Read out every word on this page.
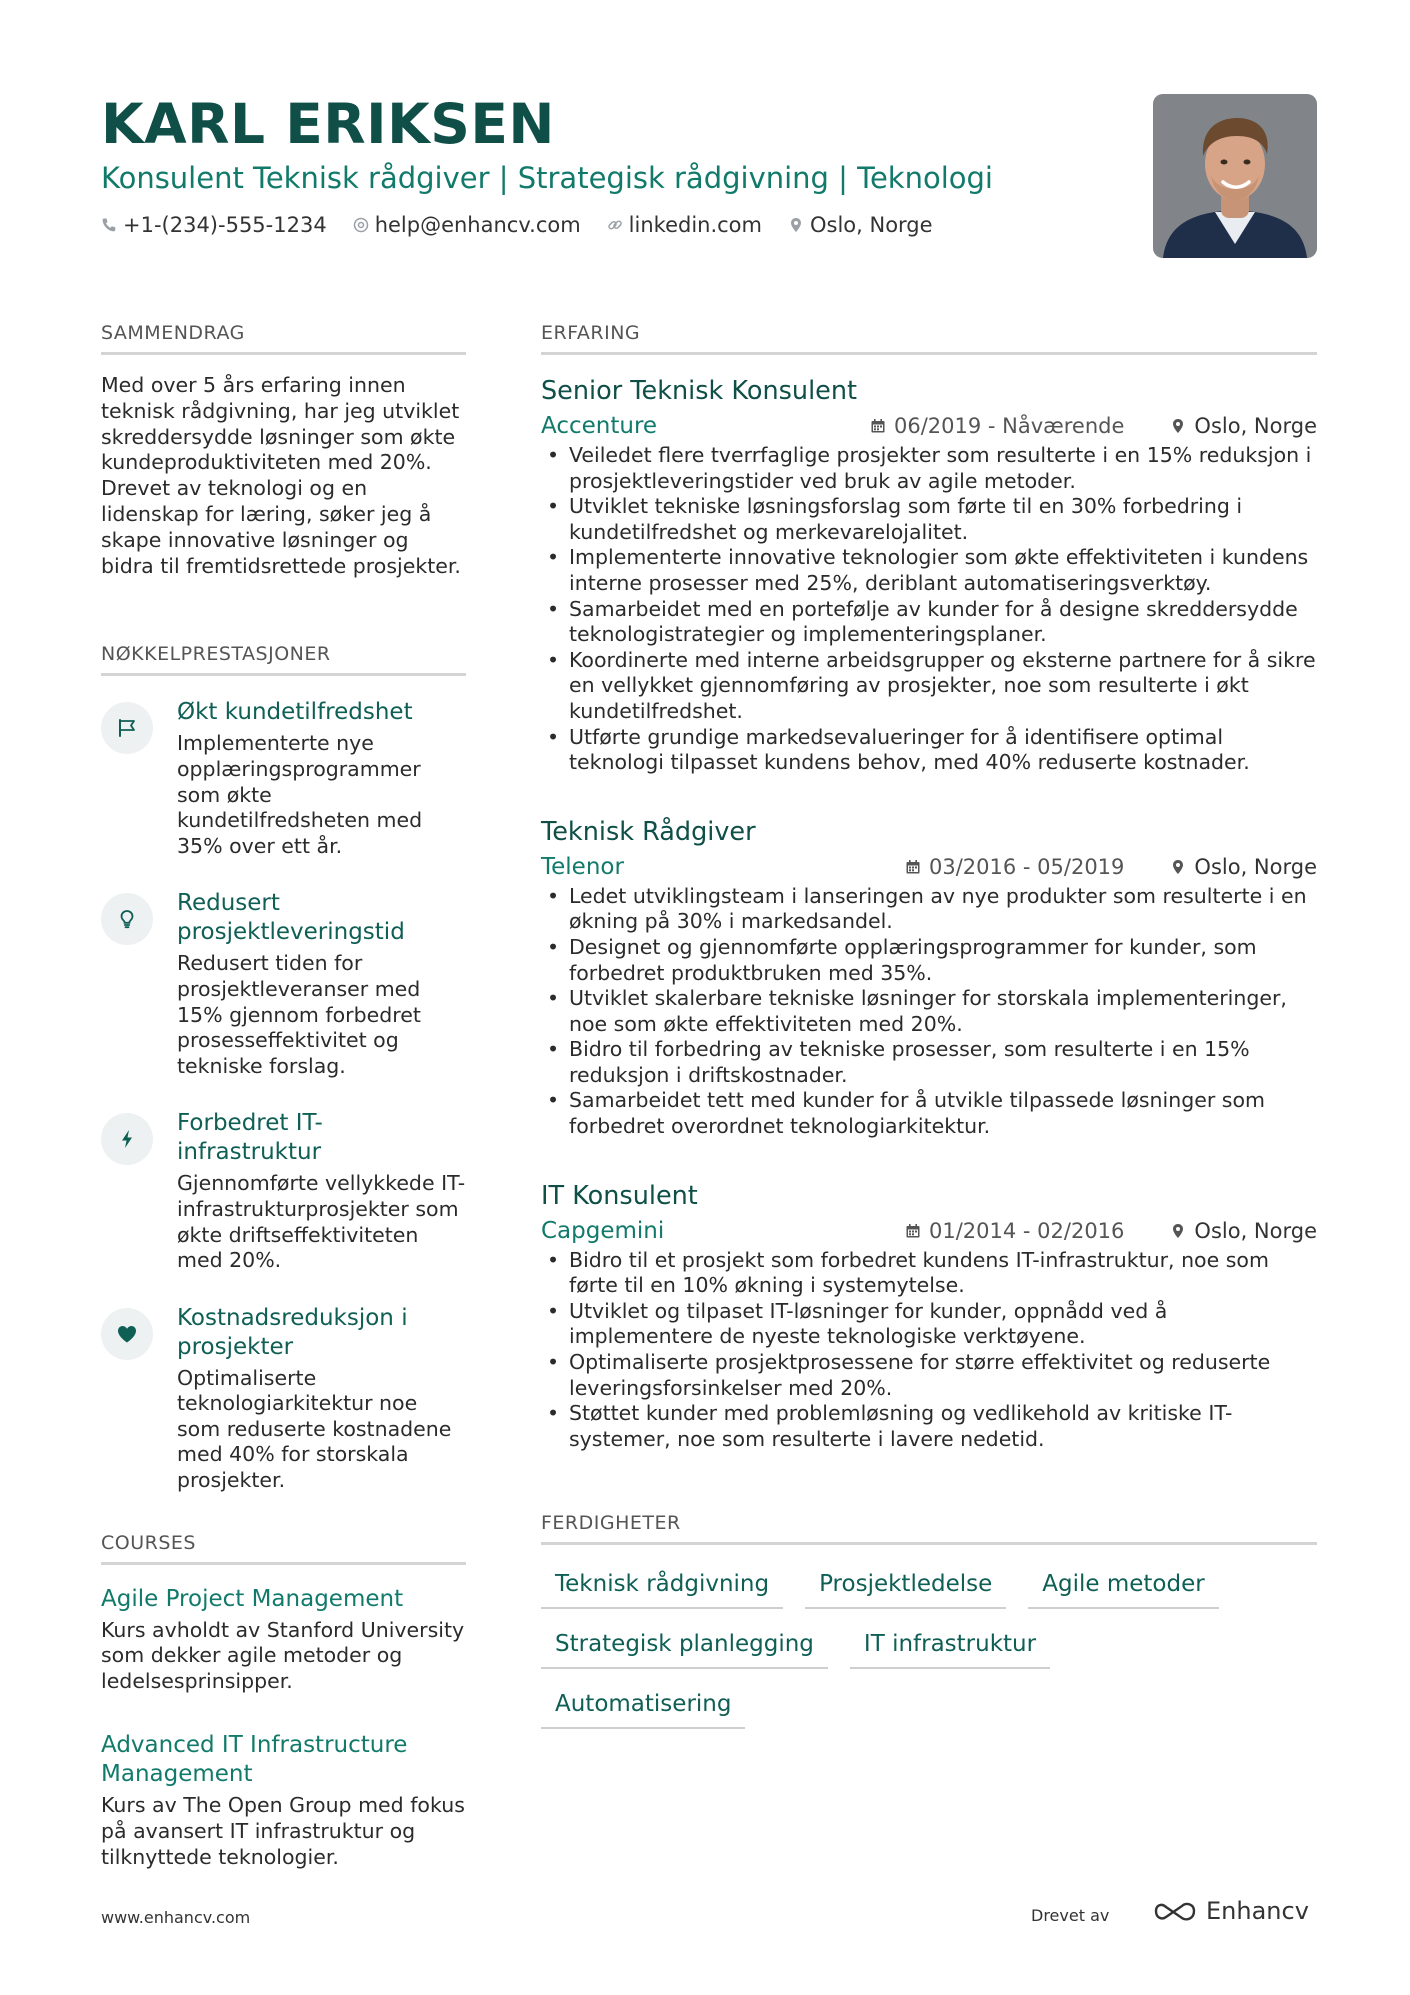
KARL ERIKSEN
Konsulent Teknisk rådgiver | Strategisk rådgivning | Teknologi
+1-(234)-555-1234 help@enhancv.com linkedin.com Oslo, Norge
SAMMENDRAG
Med over 5 års erfaring innen teknisk rådgivning, har jeg utviklet skreddersydde løsninger som økte kundeproduktiviteten med 20%. Drevet av teknologi og en lidenskap for læring, søker jeg å skape innovative løsninger og bidra til fremtidsrettede prosjekter.
NØKKELPRESTASJONER
Økt kundetilfredshet
Implementerte nye opplæringsprogrammer som økte kundetilfredsheten med 35% over ett år.
Redusert prosjektleveringstid
Redusert tiden for prosjektleveranser med 15% gjennom forbedret prosesseffektivitet og tekniske forslag.
Forbedret IT-infrastruktur
Gjennomførte vellykkede IT-infrastrukturprosjekter som økte driftseffektiviteten med 20%.
Kostnadsreduksjon i prosjekter
Optimaliserte teknologiarkitektur noe som reduserte kostnadene med 40% for storskala prosjekter.
COURSES
Agile Project Management
Kurs avholdt av Stanford University som dekker agile metoder og ledelsesprinsipper.
Advanced IT Infrastructure Management
Kurs av The Open Group med fokus på avansert IT infrastruktur og tilknyttede teknologier.
ERFARING
Senior Teknisk Konsulent
Accenture	06/2019 - Nåværende	Oslo, Norge
• Veiledet flere tverrfaglige prosjekter som resulterte i en 15% reduksjon i prosjektleveringstider ved bruk av agile metoder.
• Utviklet tekniske løsningsforslag som førte til en 30% forbedring i kundetilfredshet og merkevarelojalitet.
• Implementerte innovative teknologier som økte effektiviteten i kundens interne prosesser med 25%, deriblant automatiseringsverktøy.
• Samarbeidet med en portefølje av kunder for å designe skreddersydde teknologistrategier og implementeringsplaner.
• Koordinerte med interne arbeidsgrupper og eksterne partnere for å sikre en vellykket gjennomføring av prosjekter, noe som resulterte i økt kundetilfredshet.
• Utførte grundige markedsevalueringer for å identifisere optimal teknologi tilpasset kundens behov, med 40% reduserte kostnader.
Teknisk Rådgiver
Telenor	03/2016 - 05/2019	Oslo, Norge
• Ledet utviklingsteam i lanseringen av nye produkter som resulterte i en økning på 30% i markedsandel.
• Designet og gjennomførte opplæringsprogrammer for kunder, som forbedret produktbruken med 35%.
• Utviklet skalerbare tekniske løsninger for storskala implementeringer, noe som økte effektiviteten med 20%.
• Bidro til forbedring av tekniske prosesser, som resulterte i en 15% reduksjon i driftskostnader.
• Samarbeidet tett med kunder for å utvikle tilpassede løsninger som forbedret overordnet teknologiarkitektur.
IT Konsulent
Capgemini	01/2014 - 02/2016	Oslo, Norge
• Bidro til et prosjekt som forbedret kundens IT-infrastruktur, noe som førte til en 10% økning i systemytelse.
• Utviklet og tilpaset IT-løsninger for kunder, oppnådd ved å implementere de nyeste teknologiske verktøyene.
• Optimaliserte prosjektprosessene for større effektivitet og reduserte leveringsforsinkelser med 20%.
• Støttet kunder med problemløsning og vedlikehold av kritiske IT-systemer, noe som resulterte i lavere nedetid.
FERDIGHETER
Teknisk rådgivning	Prosjektledelse	Agile metoder
Strategisk planlegging	IT infrastruktur
Automatisering
www.enhancv.com	Drevet av	Enhancv
